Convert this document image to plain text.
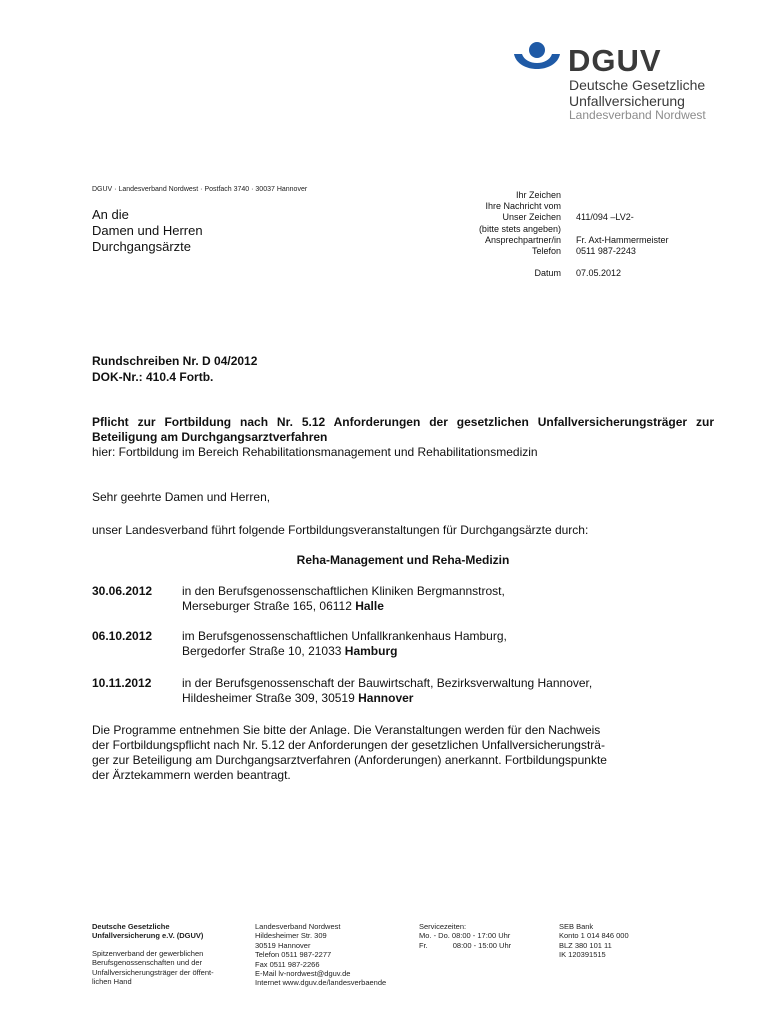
DGUV
Deutsche Gesetzliche
Unfallversicherung
Landesverband Nordwest
DGUV · Landesverband Nordwest · Postfach 3740 · 30037 Hannover
An die
Damen und Herren
Durchgangsärzte
Ihr Zeichen
Ihre Nachricht vom
Unser Zeichen
(bitte stets angeben)
Ansprechpartner/in
Telefon
Datum
411/094 –LV2-
Fr. Axt-Hammermeister
0511 987-2243
07.05.2012
Rundschreiben Nr. D 04/2012
DOK-Nr.: 410.4 Fortb.
Pflicht zur Fortbildung nach Nr. 5.12 Anforderungen der gesetzlichen Unfallversicherungsträger zur Beteiligung am Durchgangsarztverfahren
hier: Fortbildung im Bereich Rehabilitationsmanagement und Rehabilitationsmedizin
Sehr geehrte Damen und Herren,
unser Landesverband führt folgende Fortbildungsveranstaltungen für Durchgangsärzte durch:
Reha-Management und Reha-Medizin
30.06.2012 in den Berufsgenossenschaftlichen Kliniken Bergmannstrost,
Merseburger Straße 165, 06112 Halle
06.10.2012 im Berufsgenossenschaftlichen Unfallkrankenhaus Hamburg,
Bergedorfer Straße 10, 21033 Hamburg
10.11.2012	in der Berufsgenossenschaft der Bauwirtschaft, Bezirksverwaltung Hannover,
Hildesheimer Straße 309, 30519 Hannover
Die Programme entnehmen Sie bitte der Anlage. Die Veranstaltungen werden für den Nachweis
der Fortbildungspflicht nach Nr. 5.12 der Anforderungen der gesetzlichen Unfallversicherungsträ-
ger zur Beteiligung am Durchgangsarztverfahren (Anforderungen) anerkannt. Fortbildungspunkte
der Ärztekammern werden beantragt.
Deutsche Gesetzliche
Unfallversicherung e.V. (DGUV)
Spitzenverband der gewerblichen
Berufsgenossenschaften und der
Unfallversicherungsträger der öffent-
lichen Hand
Landesverband Nordwest
Hildesheimer Str. 309
30519 Hannover
Telefon 0511 987-2277
Fax 0511 987-2266
E-Mail lv-nordwest@dguv.de
Internet www.dguv.de/landesverbaende
Servicezeiten:
Mo. - Do. 08:00 - 17:00 Uhr
Fr.            08:00 - 15:00 Uhr
SEB Bank
Konto 1 014 846 000
BLZ 380 101 11
IK 120391515
